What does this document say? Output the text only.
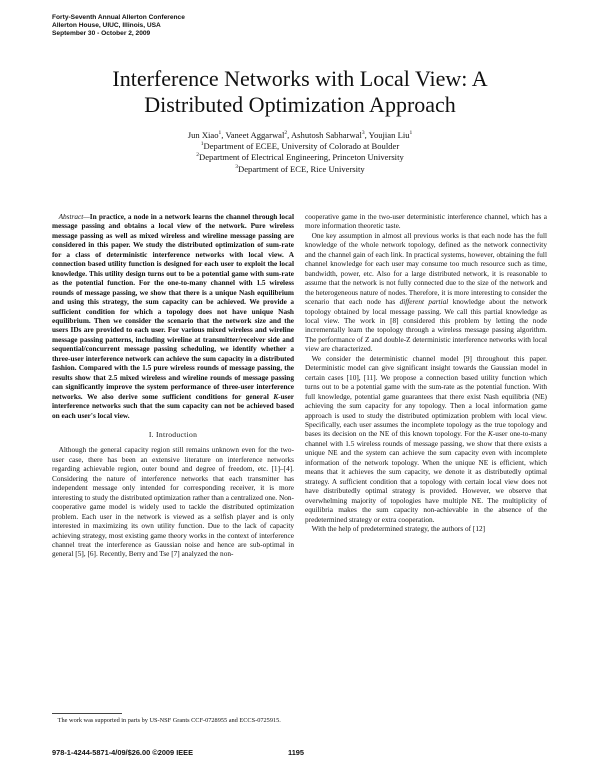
Forty-Seventh Annual Allerton Conference
Allerton House, UIUC, Illinois, USA
September 30 - October 2, 2009
Interference Networks with Local View: A
Distributed Optimization Approach
Jun Xiao$^1$, Vaneet Aggarwal$^2$, Ashutosh Sabharwal$^3$, Youjian Liu$^1$
$^1$Department of ECEE, University of Colorado at Boulder
$^2$Department of Electrical Engineering, Princeton University
$^3$Department of ECE, Rice University

Abstract—In practice, a node in a network learns the channel through local message passing and obtains a local view of the network. Pure wireless message passing as well as mixed wireless and wireline message passing are considered in this paper. We study the distributed optimization of sum-rate for a class of deterministic interference networks with local view. A connection based utility function is designed for each user to exploit the local knowledge. This utility design turns out to be a potential game with sum-rate as the potential function. For the one-to-many channel with 1.5 wireless rounds of message passing, we show that there is a unique Nash equilibrium and using this strategy, the sum capacity can be achieved. We provide a sufficient condition for which a topology does not have unique Nash equilibrium. Then we consider the scenario that the network size and the users IDs are provided to each user. For various mixed wireless and wireline message passing patterns, including wireline at transmitter/receiver side and sequential/concurrent message passing scheduling, we identify whether a three-user interference network can achieve the sum capacity in a distributed fashion. Compared with the 1.5 pure wireless rounds of message passing, the results show that 2.5 mixed wireless and wireline rounds of message passing can significantly improve the system performance of three-user interference networks. We also derive some sufficient conditions for general K-user interference networks such that the sum capacity can not be achieved based on each user's local view.

I. Introduction

Although the general capacity region still remains unknown even for the two-user case, there has been an extensive literature on interference networks regarding achievable region, outer bound and degree of freedom, etc. [1]–[4]. Considering the nature of interference networks that each transmitter has independent message only intended for corresponding receiver, it is more interesting to study the distributed optimization rather than a centralized one. Non-cooperative game model is widely used to tackle the distributed optimization problem. Each user in the network is viewed as a selfish player and is only interested in maximizing its own utility function. Due to the lack of capacity achieving strategy, most existing game theory works in the context of interference channel treat the interference as Gaussian noise and hence are sub-optimal in general [5], [6]. Recently, Berry and Tse [7] analyzed the non-

cooperative game in the two-user deterministic interference channel, which has a more information theoretic taste.

One key assumption in almost all previous works is that each node has the full knowledge of the whole network topology, defined as the network connectivity and the channel gain of each link. In practical systems, however, obtaining the full channel knowledge for each user may consume too much resource such as time, bandwidth, power, etc. Also for a large distributed network, it is reasonable to assume that the network is not fully connected due to the size of the network and the heterogeneous nature of nodes. Therefore, it is more interesting to consider the scenario that each node has different partial knowledge about the network topology obtained by local message passing. We call this partial knowledge as local view. The work in [8] considered this problem by letting the node incrementally learn the topology through a wireless message passing algorithm. The performance of Z and double-Z deterministic interference networks with local view are characterized.

We consider the deterministic channel model [9] throughout this paper. Deterministic model can give significant insight towards the Gaussian model in certain cases [10], [11]. We propose a connection based utility function which turns out to be a potential game with the sum-rate as the potential function. With full knowledge, potential game guarantees that there exist Nash equilibria (NE) achieving the sum capacity for any topology. Then a local information game approach is used to study the distributed optimization problem with local view. Specifically, each user assumes the incomplete topology as the true topology and bases its decision on the NE of this known topology. For the K-user one-to-many channel with 1.5 wireless rounds of message passing, we show that there exists a unique NE and the system can achieve the sum capacity even with incomplete information of the network topology. When the unique NE is efficient, which means that it achieves the sum capacity, we denote it as distributedly optimal strategy. A sufficient condition that a topology with certain local view does not have distributedly optimal strategy is provided. However, we observe that overwhelming majority of topologies have multiple NE. The multiplicity of equilibria makes the sum capacity non-achievable in the absence of the predetermined strategy or extra cooperation.

With the help of predetermined strategy, the authors of [12]

The work was supported in parts by US-NSF Grants CCF-0728955 and ECCS-0725915.
978-1-4244-5871-4/09/$26.00 ©2009 IEEE	1195
